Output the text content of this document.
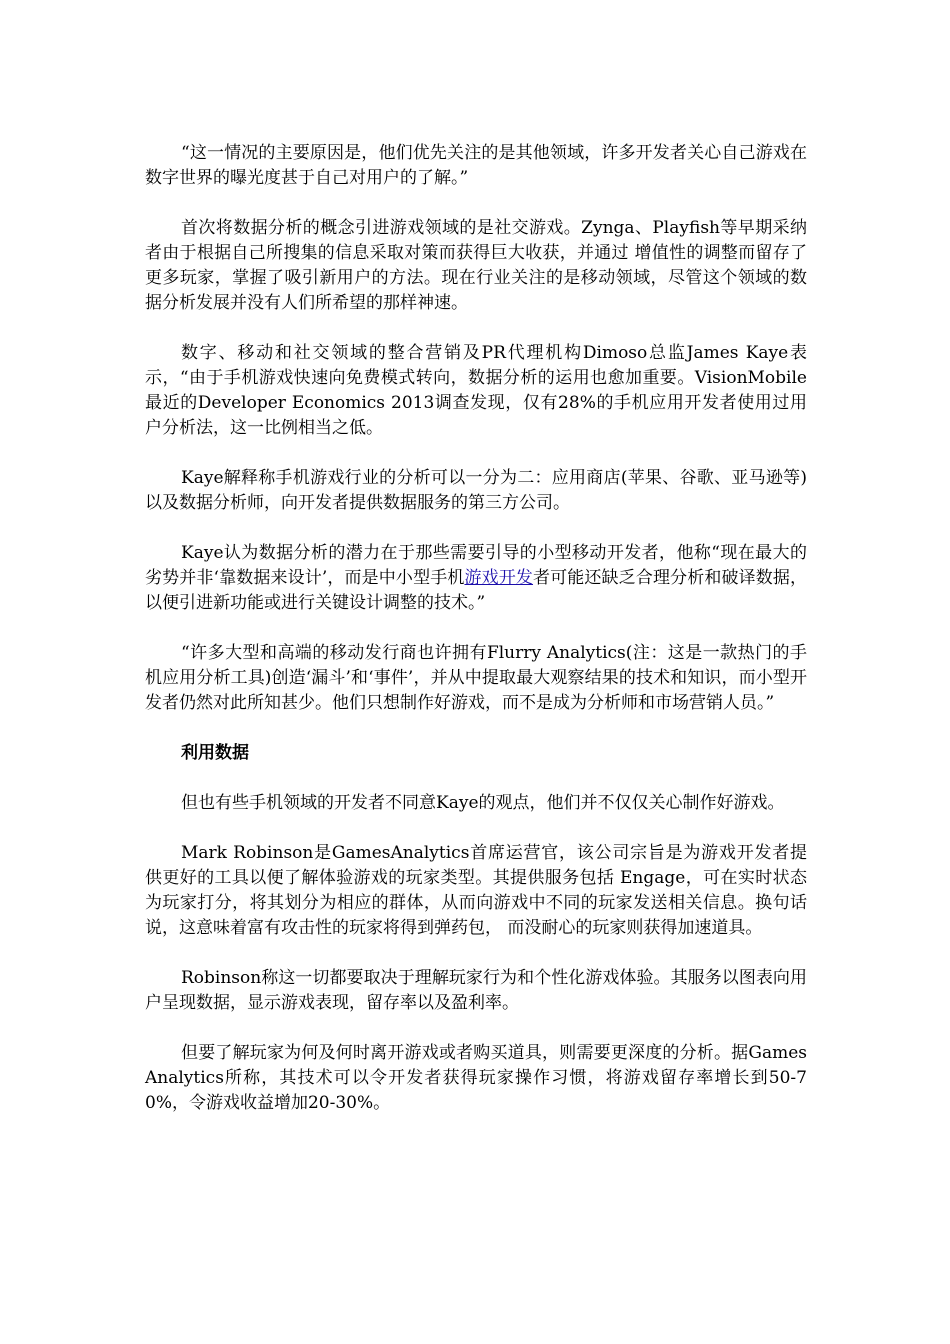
“这一情况的主要原因是，他们优先关注的是其他领域，许多开发者关心自己游戏在数字世界的曝光度甚于自己对用户的了解。”

首次将数据分析的概念引进游戏领域的是社交游戏。Zynga、Playfish等早期采纳者由于根据自己所搜集的信息采取对策而获得巨大收获，并通过 增值性的调整而留存了更多玩家，掌握了吸引新用户的方法。现在行业关注的是移动领域，尽管这个领域的数据分析发展并没有人们所希望的那样神速。

数字、移动和社交领域的整合营销及PR代理机构Dimoso总监James Kaye表示，“由于手机游戏快速向免费模式转向，数据分析的运用也愈加重要。VisionMobile最近的Developer Economics 2013调查发现，仅有28%的手机应用开发者使用过用户分析法，这一比例相当之低。

Kaye解释称手机游戏行业的分析可以一分为二：应用商店(苹果、谷歌、亚马逊等)以及数据分析师，向开发者提供数据服务的第三方公司。

Kaye认为数据分析的潜力在于那些需要引导的小型移动开发者，他称“现在最大的劣势并非‘靠数据来设计’，而是中小型手机游戏开发者可能还缺乏合理分析和破译数据，以便引进新功能或进行关键设计调整的技术。”

“许多大型和高端的移动发行商也许拥有Flurry Analytics(注：这是一款热门的手机应用分析工具)创造‘漏斗’和‘事件’，并从中提取最大观察结果的技术和知识，而小型开发者仍然对此所知甚少。他们只想制作好游戏，而不是成为分析师和市场营销人员。”

利用数据

但也有些手机领域的开发者不同意Kaye的观点，他们并不仅仅关心制作好游戏。

Mark Robinson是GamesAnalytics首席运营官，该公司宗旨是为游戏开发者提供更好的工具以便了解体验游戏的玩家类型。其提供服务包括 Engage，可在实时状态为玩家打分，将其划分为相应的群体，从而向游戏中不同的玩家发送相关信息。换句话说，这意味着富有攻击性的玩家将得到弹药包， 而没耐心的玩家则获得加速道具。

Robinson称这一切都要取决于理解玩家行为和个性化游戏体验。其服务以图表向用户呈现数据，显示游戏表现，留存率以及盈利率。

但要了解玩家为何及何时离开游戏或者购买道具，则需要更深度的分析。据GamesAnalytics所称，其技术可以令开发者获得玩家操作习惯，将游戏留存率增长到50-70%，令游戏收益增加20-30%。
